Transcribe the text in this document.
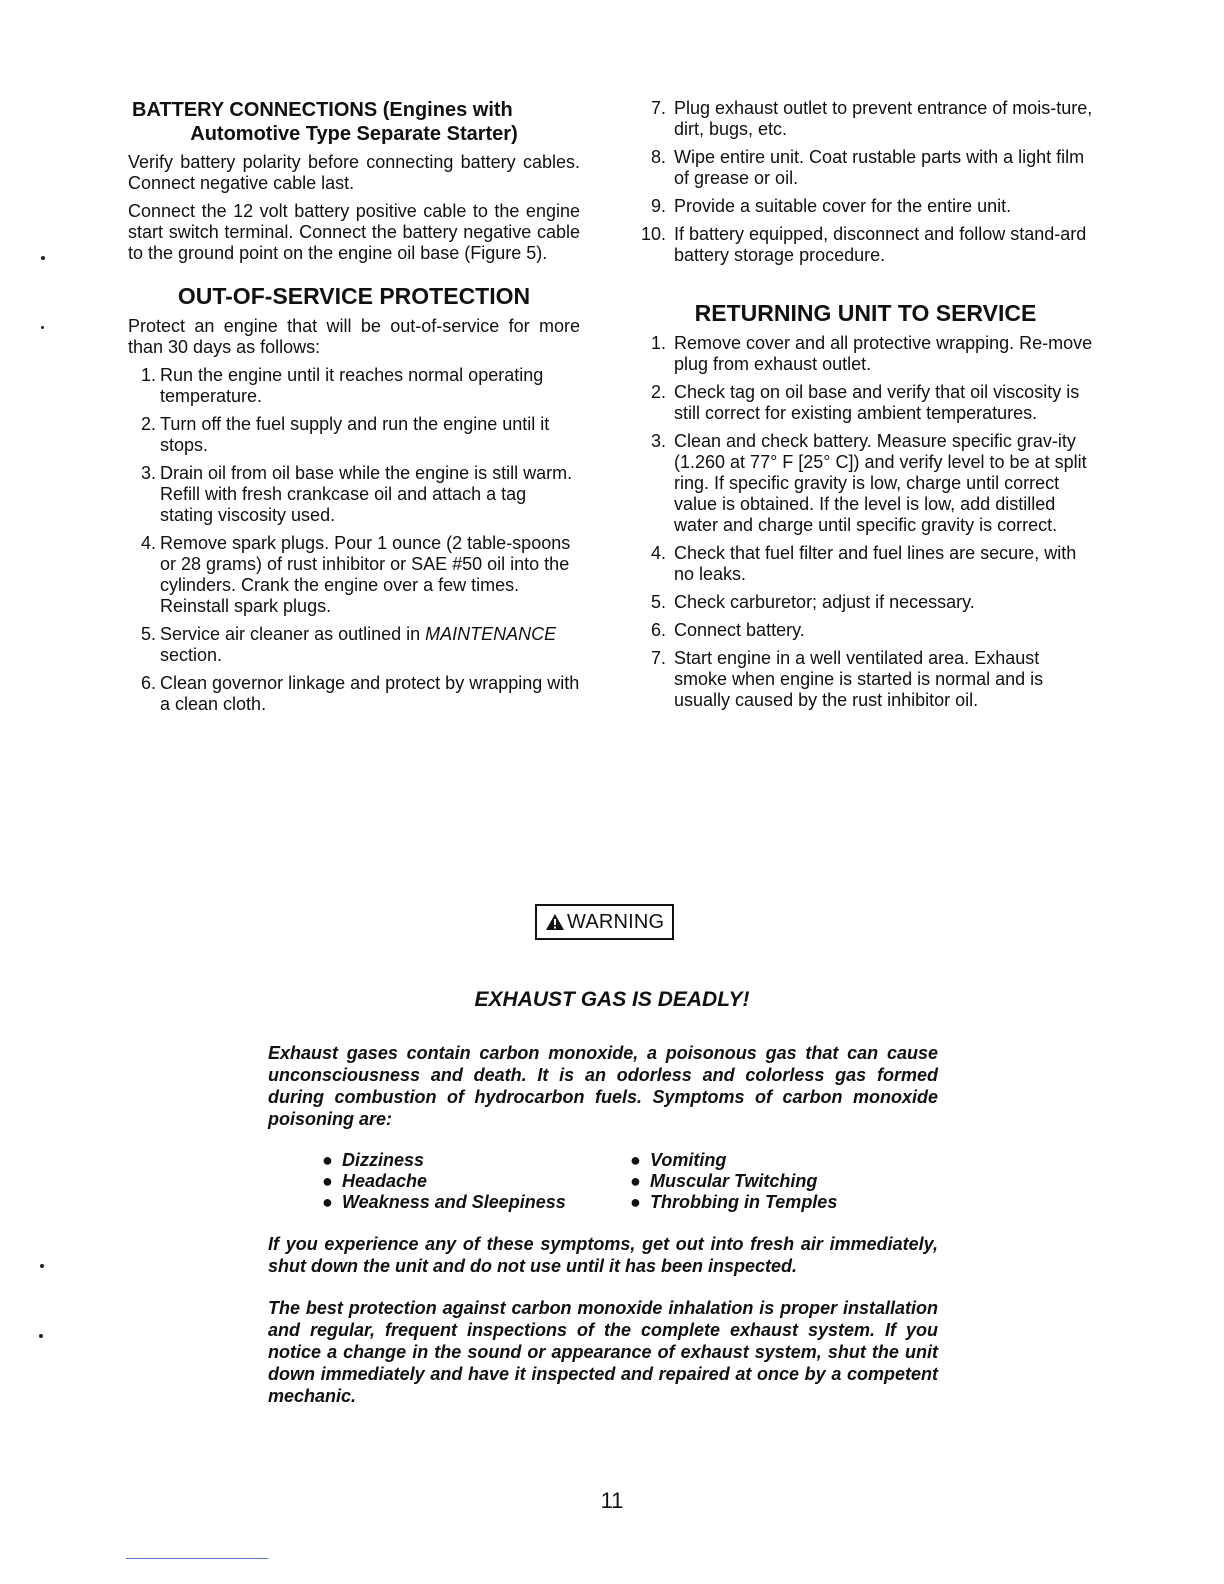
BATTERY CONNECTIONS (Engines with
Automotive Type Separate Starter)

Verify battery polarity before connecting battery cables. Connect negative cable last.

Connect the 12 volt battery positive cable to the engine start switch terminal. Connect the battery negative cable to the ground point on the engine oil base (Figure 5).

OUT-OF-SERVICE PROTECTION

Protect an engine that will be out-of-service for more than 30 days as follows:

1. Run the engine until it reaches normal operating temperature.
2. Turn off the fuel supply and run the engine until it stops.
3. Drain oil from oil base while the engine is still warm. Refill with fresh crankcase oil and attach a tag stating viscosity used.
4. Remove spark plugs. Pour 1 ounce (2 table-spoons or 28 grams) of rust inhibitor or SAE #50 oil into the cylinders. Crank the engine over a few times. Reinstall spark plugs.
5. Service air cleaner as outlined in MAINTENANCE section.
6. Clean governor linkage and protect by wrapping with a clean cloth.
7. Plug exhaust outlet to prevent entrance of mois-ture, dirt, bugs, etc.
8. Wipe entire unit. Coat rustable parts with a light film of grease or oil.
9. Provide a suitable cover for the entire unit.
10. If battery equipped, disconnect and follow stand-ard battery storage procedure.
RETURNING UNIT TO SERVICE
1. Remove cover and all protective wrapping. Re-move plug from exhaust outlet.
2. Check tag on oil base and verify that oil viscosity is still correct for existing ambient temperatures.
3. Clean and check battery. Measure specific grav-ity (1.260 at 77° F [25° C]) and verify level to be at split ring. If specific gravity is low, charge until correct value is obtained. If the level is low, add distilled water and charge until specific gravity is correct.
4. Check that fuel filter and fuel lines are secure, with no leaks.
5. Check carburetor; adjust if necessary.
6. Connect battery.
7. Start engine in a well ventilated area. Exhaust smoke when engine is started is normal and is usually caused by the rust inhibitor oil.
WARNING
EXHAUST GAS IS DEADLY!

Exhaust gases contain carbon monoxide, a poisonous gas that can cause unconsciousness and death. It is an odorless and colorless gas formed during combustion of hydrocarbon fuels. Symptoms of carbon monoxide poisoning are:

● Dizziness
● Headache
● Weakness and Sleepiness
● Vomiting
● Muscular Twitching
● Throbbing in Temples

If you experience any of these symptoms, get out into fresh air immediately, shut down the unit and do not use until it has been inspected.

The best protection against carbon monoxide inhalation is proper installation and regular, frequent inspections of the complete exhaust system. If you notice a change in the sound or appearance of exhaust system, shut the unit down immediately and have it inspected and repaired at once by a competent mechanic.

11
